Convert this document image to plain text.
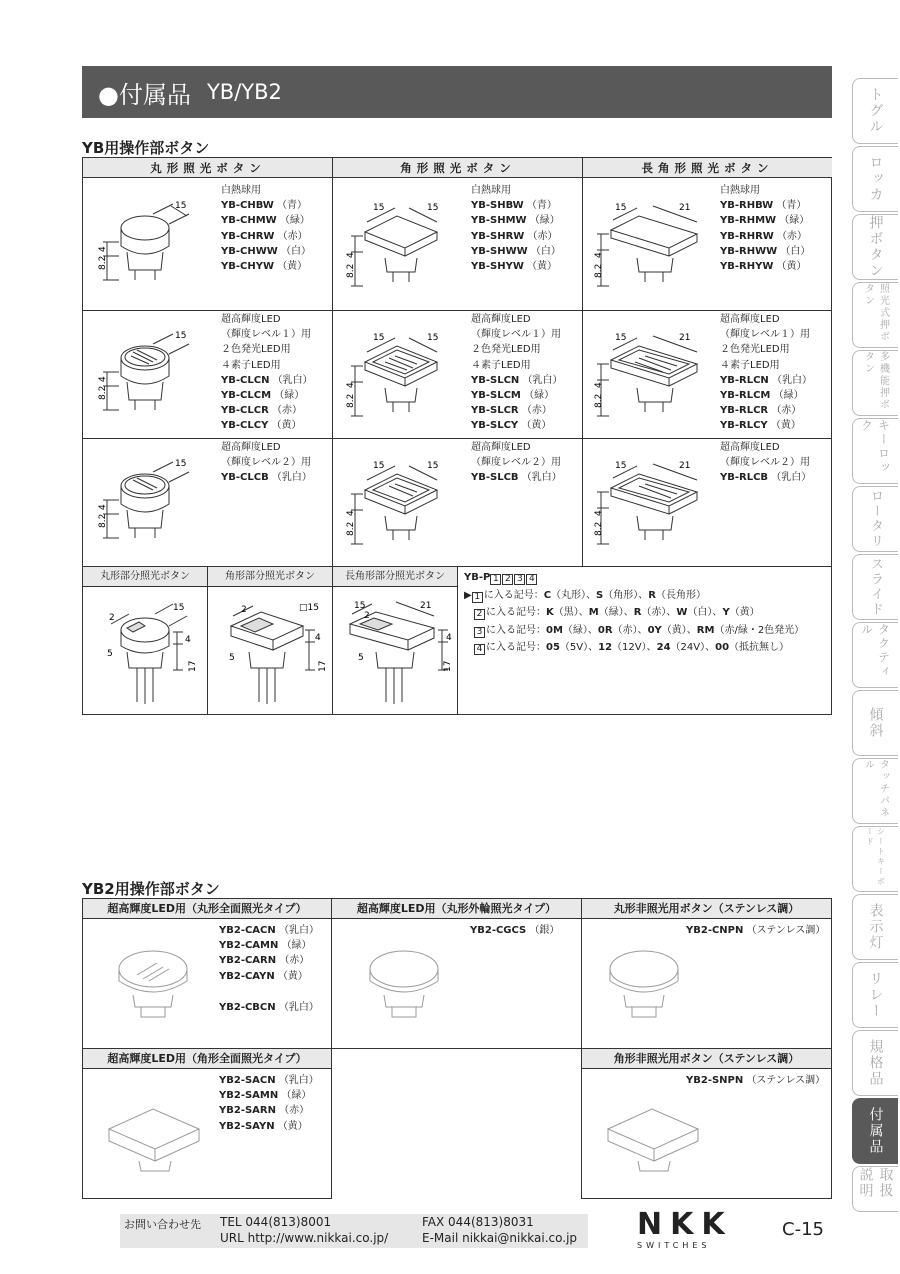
●付属品 YB/YB2
YB用操作部ボタン
丸形照光ボタン	角形照光ボタン	長角形照光ボタン
白熱球用
YB-CHBW （青）
YB-CHMW （緑）
YB-CHRW （赤）
YB-CHWW （白）
YB-CHYW （黄）
白熱球用
YB-SHBW （青）
YB-SHMW （緑）
YB-SHRW （赤）
YB-SHWW （白）
YB-SHYW （黄）
白熱球用
YB-RHBW （青）
YB-RHMW （緑）
YB-RHRW （赤）
YB-RHWW （白）
YB-RHYW （黄）
15
8.2
4
15	15
8.2
4
15	21
8.2
4
超高輝度LED
（輝度レベル１）用
２色発光LED用
４素子LED用
YB-CLCN （乳白）
YB-CLCM （緑）
YB-CLCR （赤）
YB-CLCY （黄）
超高輝度LED
（輝度レベル１）用
２色発光LED用
４素子LED用
YB-SLCN （乳白）
YB-SLCM （緑）
YB-SLCR （赤）
YB-SLCY （黄）
超高輝度LED
（輝度レベル１）用
２色発光LED用
４素子LED用
YB-RLCN （乳白）
YB-RLCM （緑）
YB-RLCR （赤）
YB-RLCY （黄）
15
8.2
4
15	15
8.2
4
15	21
8.2
4
超高輝度LED
（輝度レベル２）用
YB-CLCB （乳白）
超高輝度LED
（輝度レベル２）用
YB-SLCB （乳白）
超高輝度LED
（輝度レベル２）用
YB-RLCB （乳白）
15
8.2
4
15	15
8.2
4
15	21
8.2
4
丸形部分照光ボタン	角形部分照光ボタン	長角形部分照光ボタン
15
2
5
4
17
2	□15
5
4
17
15
2
21
5
4
17
YB-P 1 2 3 4
▶ 1 に入る記号：C（丸形）、S（角形）、R（長角形）
2 に入る記号：K（黒）、M（緑）、R（赤）、W（白）、Y（黄）
3 に入る記号：0M（緑）、0R（赤）、0Y（黄）、RM（赤/緑・2色発光）
4 に入る記号：05（5V）、12（12V）、24（24V）、00（抵抗無し）
YB2用操作部ボタン
超高輝度LED用（丸形全面照光タイプ）
YB2-CACN （乳白）
YB2-CAMN （緑）
YB2-CARN （赤）
YB2-CAYN （黄）
YB2-CBCN （乳白）
超高輝度LED用（丸形外輪照光タイプ）
YB2-CGCS （銀）
丸形非照光用ボタン（ステンレス調）
YB2-CNPN （ステンレス調）
超高輝度LED用（角形全面照光タイプ）
YB2-SACN （乳白）
YB2-SAMN （緑）
YB2-SARN （赤）
YB2-SAYN （黄）
角形非照光用ボタン（ステンレス調）
YB2-SNPN （ステンレス調）
お問い合わせ先 TEL 044(813)8001	FAX 044(813)8031
URL http://www.nikkai.co.jp/	E-Mail nikkai@nikkai.co.jp NKK
SWITCHES
C-15
トグル
ロッカ
押ボタン
照光式押ボタン
多機能押ボタン
キーロック
ロータリ
スライド
タクティル
傾斜
タッチパネル
シートキーボード
表示灯
リレー
規格品
付属品
取扱説明
